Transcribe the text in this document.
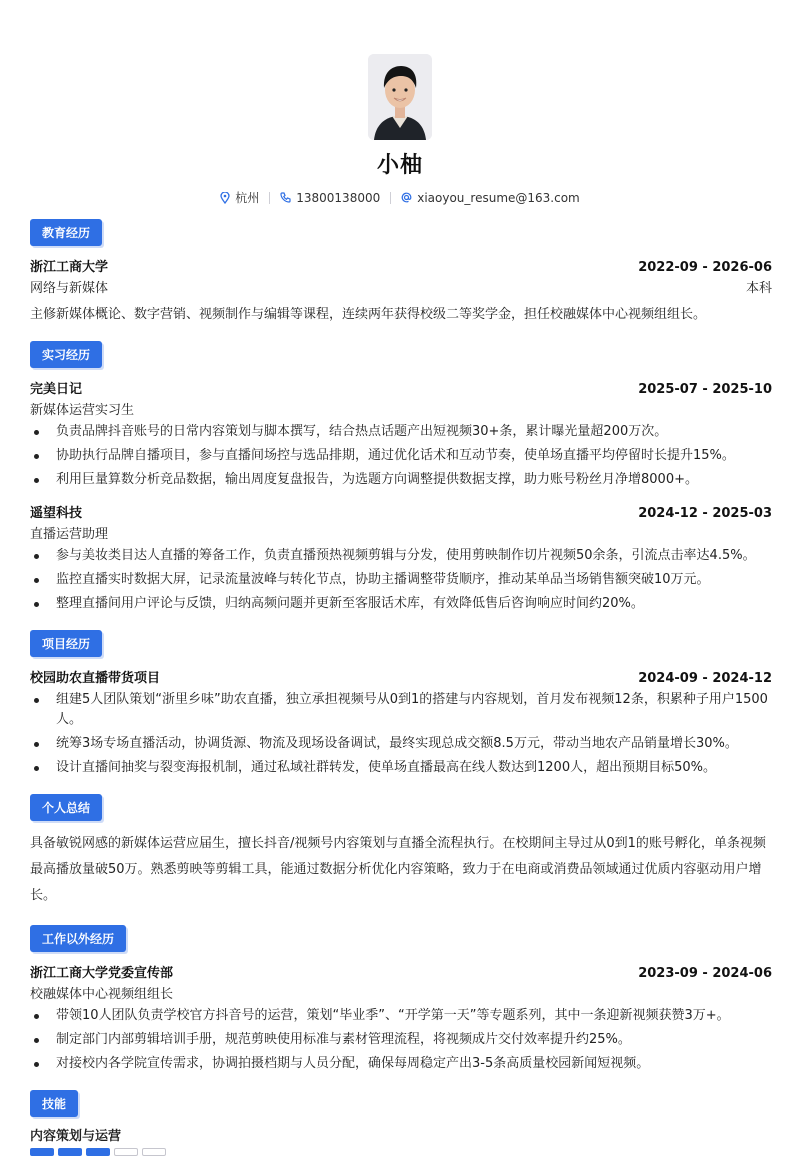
小柚
杭州	13800138000	xiaoyou_resume@163.com
教育经历
浙江工商大学	2022-09 - 2026-06
网络与新媒体	本科
主修新媒体概论、数字营销、视频制作与编辑等课程，连续两年获得校级二等奖学金，担任校融媒体中心视频组组长。
实习经历
完美日记	2025-07 - 2025-10
新媒体运营实习生
负责品牌抖音账号的日常内容策划与脚本撰写，结合热点话题产出短视频30+条，累计曝光量超200万次。
协助执行品牌自播项目，参与直播间场控与选品排期，通过优化话术和互动节奏，使单场直播平均停留时长提升15%。
利用巨量算数分析竞品数据，输出周度复盘报告，为选题方向调整提供数据支撑，助力账号粉丝月净增8000+。
遥望科技	2024-12 - 2025-03
直播运营助理
参与美妆类目达人直播的筹备工作，负责直播预热视频剪辑与分发，使用剪映制作切片视频50余条，引流点击率达4.5%。
监控直播实时数据大屏，记录流量波峰与转化节点，协助主播调整带货顺序，推动某单品当场销售额突破10万元。
整理直播间用户评论与反馈，归纳高频问题并更新至客服话术库，有效降低售后咨询响应时间约20%。
项目经历
校园助农直播带货项目	2024-09 - 2024-12
组建5人团队策划“浙里乡味”助农直播，独立承担视频号从0到1的搭建与内容规划，首月发布视频12条，积累种子用户1500人。
统筹3场专场直播活动，协调货源、物流及现场设备调试，最终实现总成交额8.5万元，带动当地农产品销量增长30%。
设计直播间抽奖与裂变海报机制，通过私域社群转发，使单场直播最高在线人数达到1200人，超出预期目标50%。
个人总结
具备敏锐网感的新媒体运营应届生，擅长抖音/视频号内容策划与直播全流程执行。在校期间主导过从0到1的账号孵化，单条视频最高播放量破50万。熟悉剪映等剪辑工具，能通过数据分析优化内容策略，致力于在电商或消费品领域通过优质内容驱动用户增长。
工作以外经历
浙江工商大学党委宣传部	2023-09 - 2024-06
校融媒体中心视频组组长
带领10人团队负责学校官方抖音号的运营，策划“毕业季”、“开学第一天”等专题系列，其中一条迎新视频获赞3万+。
制定部门内部剪辑培训手册，规范剪映使用标准与素材管理流程，将视频成片交付效率提升约25%。
对接校内各学院宣传需求，协调拍摄档期与人员分配，确保每周稳定产出3-5条高质量校园新闻短视频。
技能
内容策划与运营
